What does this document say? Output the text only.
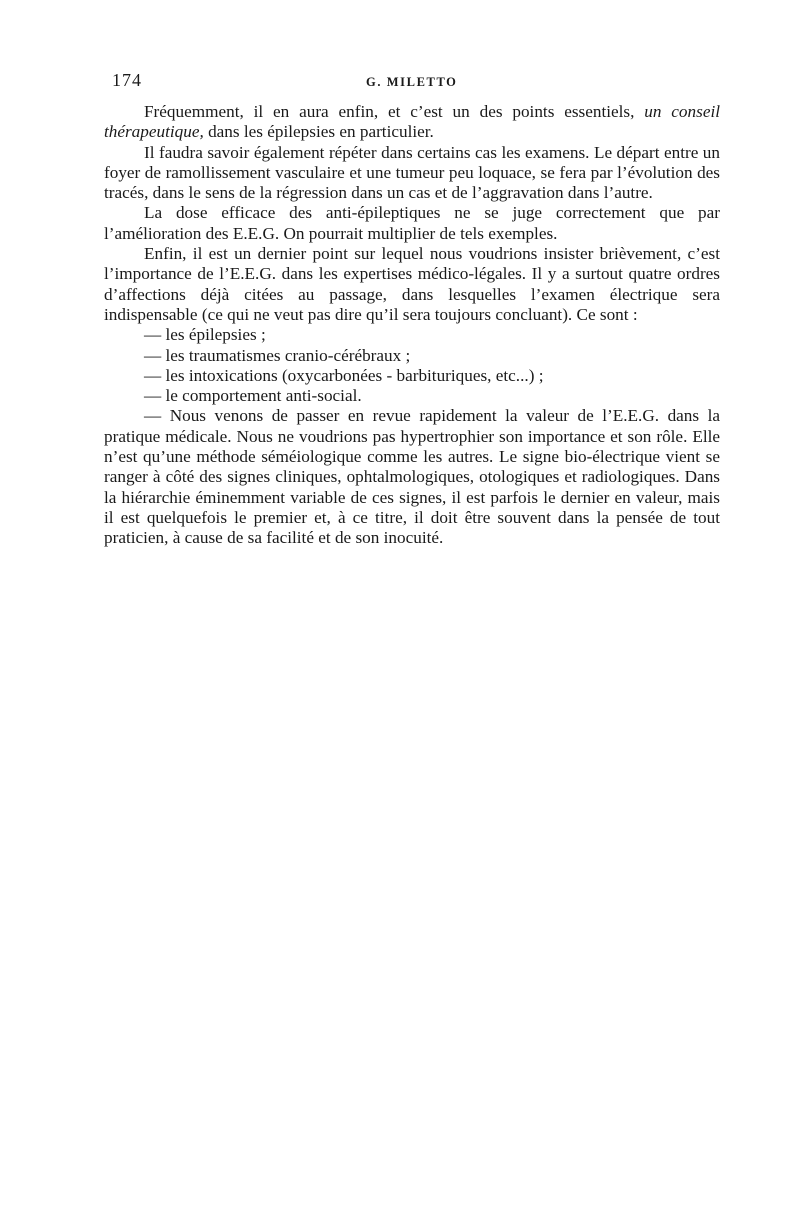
174	G. MILETTO

Fréquemment, il en aura enfin, et c’est un des points essentiels, un conseil thérapeutique, dans les épilepsies en particulier.

Il faudra savoir également répéter dans certains cas les examens. Le départ entre un foyer de ramollissement vasculaire et une tumeur peu loquace, se fera par l’évolution des tracés, dans le sens de la régression dans un cas et de l’aggravation dans l’autre.

La dose efficace des anti-épileptiques ne se juge correctement que par l’amélioration des E.E.G. On pourrait multiplier de tels exemples.

Enfin, il est un dernier point sur lequel nous voudrions insister brièvement, c’est l’importance de l’E.E.G. dans les expertises médico-légales. Il y a surtout quatre ordres d’affections déjà citées au passage, dans lesquelles l’examen électrique sera indispensable (ce qui ne veut pas dire qu’il sera toujours concluant). Ce sont :

— les épilepsies ;
— les traumatismes cranio-cérébraux ;
— les intoxications (oxycarbonées - barbituriques, etc...) ;
— le comportement anti-social.

— Nous venons de passer en revue rapidement la valeur de l’E.E.G. dans la pratique médicale. Nous ne voudrions pas hypertrophier son importance et son rôle. Elle n’est qu’une méthode séméiologique comme les autres. Le signe bio-électrique vient se ranger à côté des signes cliniques, ophtalmologiques, otologiques et radiologiques. Dans la hiérarchie éminemment variable de ces signes, il est parfois le dernier en valeur, mais il est quelquefois le premier et, à ce titre, il doit être souvent dans la pensée de tout praticien, à cause de sa facilité et de son inocuité.
